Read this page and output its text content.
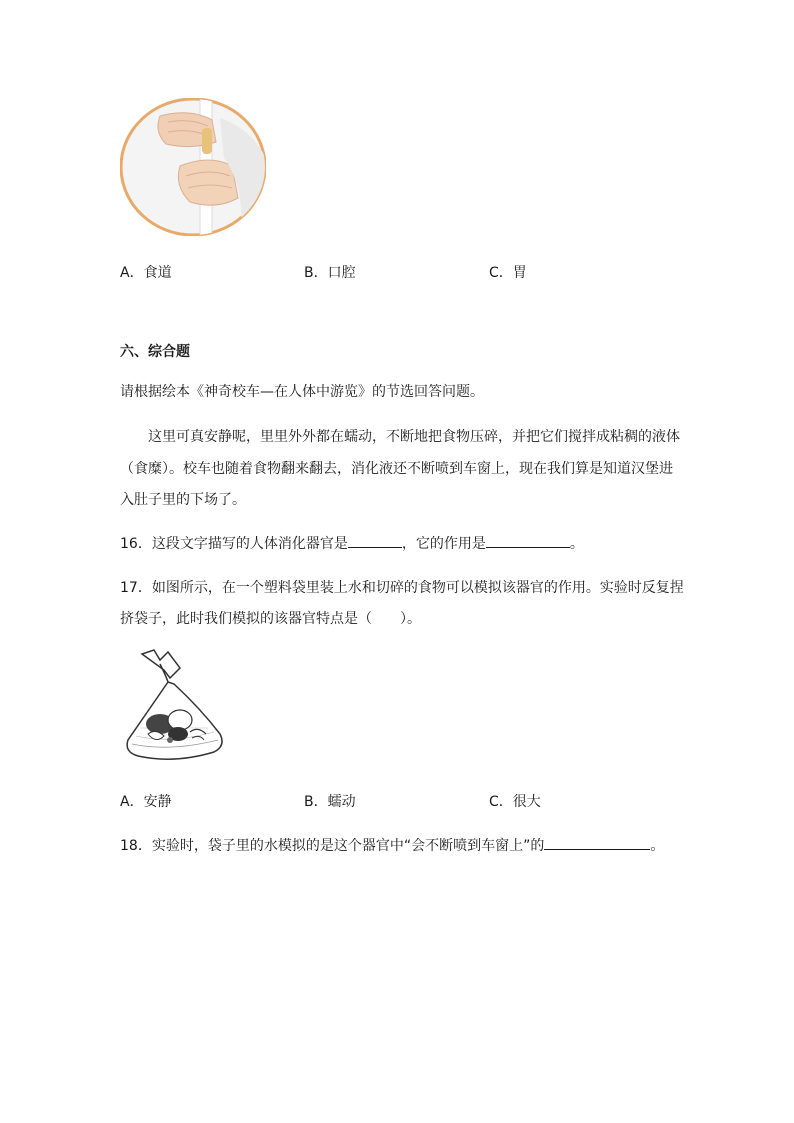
A．食道	B．口腔	C．胃
六、综合题
请根据绘本《神奇校车—在人体中游览》的节选回答问题。
这里可真安静呢，里里外外都在蠕动，不断地把食物压碎，并把它们搅拌成粘稠的液体
（食糜）。校车也随着食物翻来翻去，消化液还不断喷到车窗上，现在我们算是知道汉堡进
入肚子里的下场了。
16．这段文字描写的人体消化器官是	，它的作用是	。
17．如图所示，在一个塑料袋里装上水和切碎的食物可以模拟该器官的作用。实验时反复捏
挤袋子，此时我们模拟的该器官特点是（　　）。
A．安静	B．蠕动	C．很大
18．实验时，袋子里的水模拟的是这个器官中“会不断喷到车窗上”的	。
